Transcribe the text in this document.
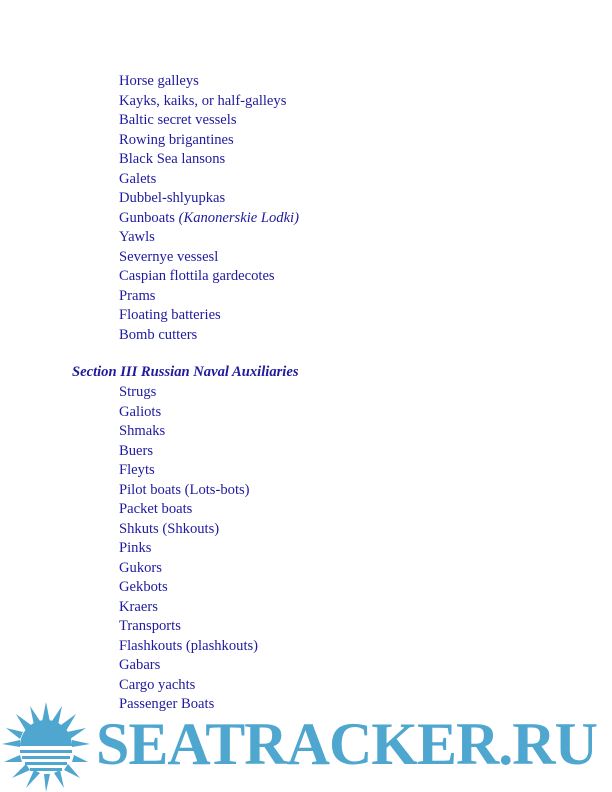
Horse galleys
Kayks, kaiks, or half-galleys
Baltic secret vessels
Rowing brigantines
Black Sea lansons
Galets
Dubbel-shlyupkas
Gunboats (Kanonerskie Lodki)
Yawls
Severnye vessesl
Caspian flottila gardecotes
Prams
Floating batteries
Bomb cutters
Section III Russian Naval Auxiliaries
Strugs
Galiots
Shmaks
Buers
Fleyts
Pilot boats (Lots-bots)
Packet boats
Shkuts (Shkouts)
Pinks
Gukors
Gekbots
Kraers
Transports
Flashkouts (plashkouts)
Gabars
Cargo yachts
Passenger Boats
SEATRACKER.RU
